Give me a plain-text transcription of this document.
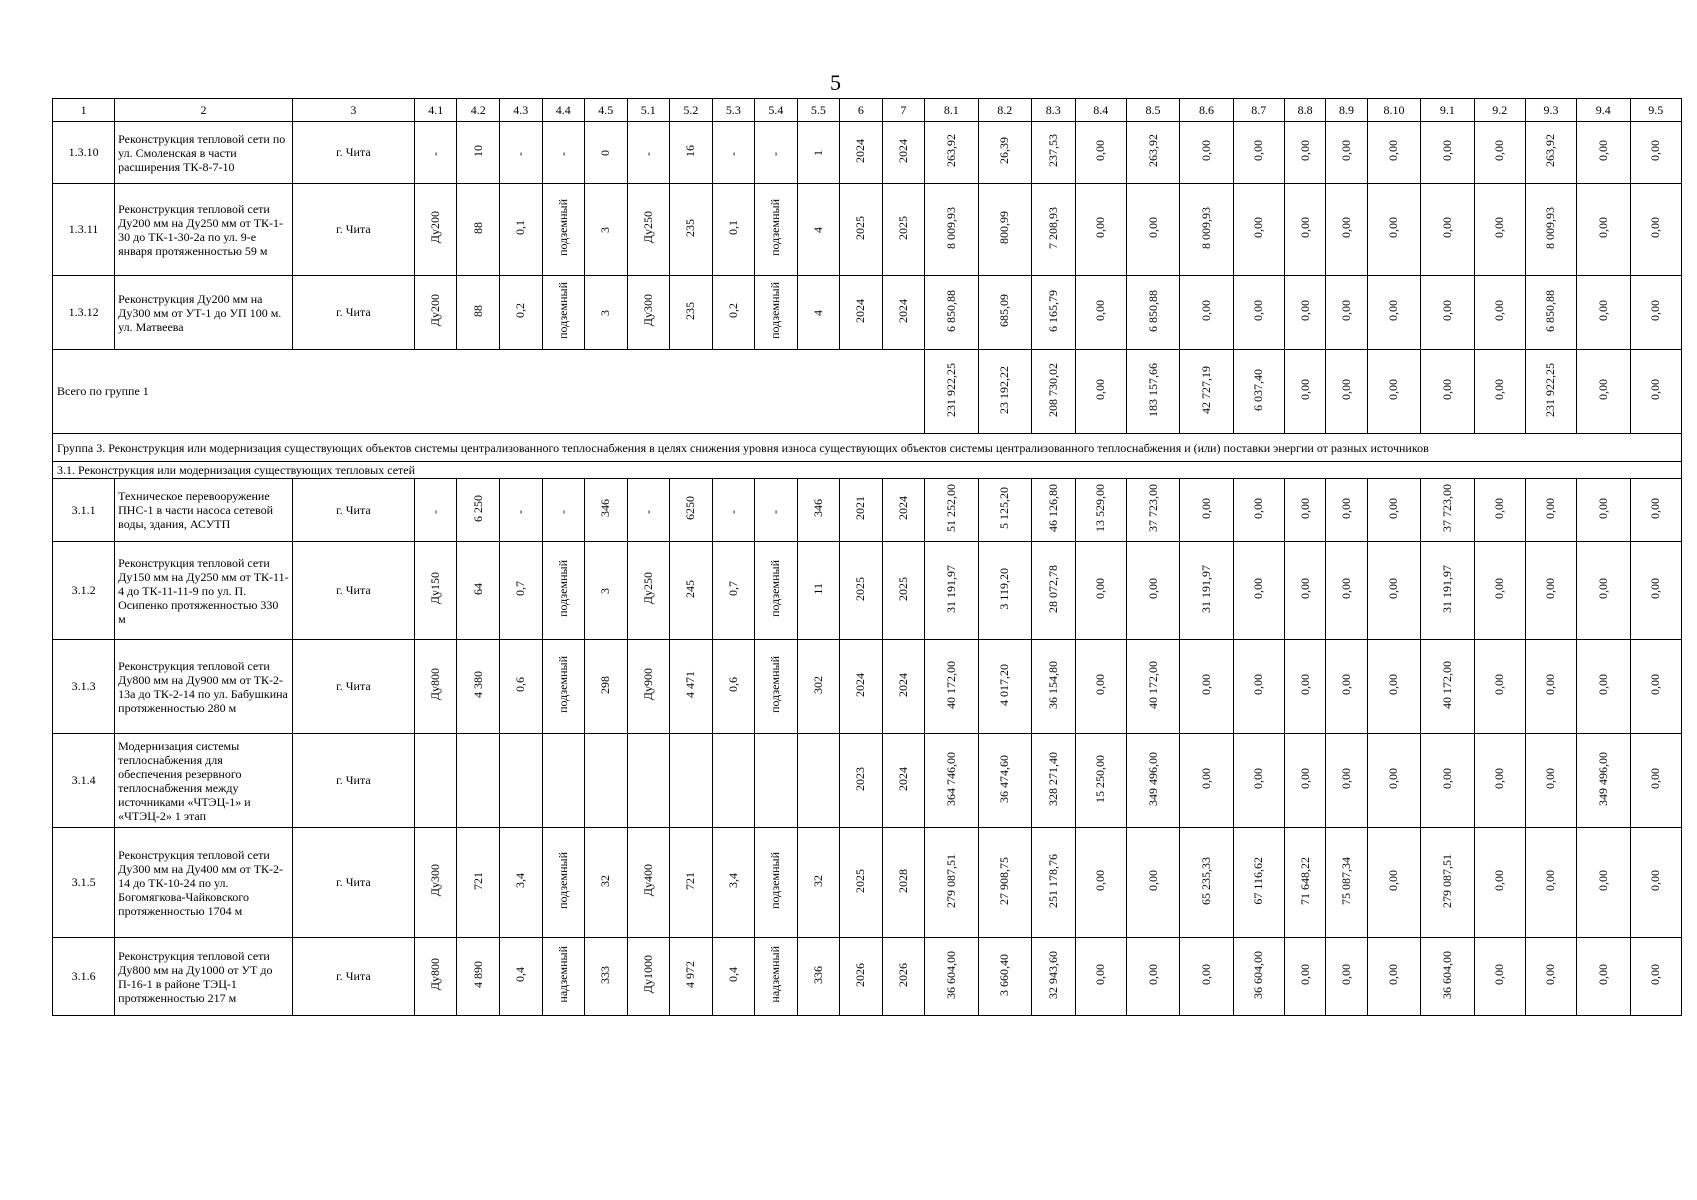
5
1	2	3	4.1	4.2	4.3	4.4	4.5	5.1	5.2	5.3	5.4	5.5	6	7	8.1	8.2	8.3	8.4	8.5	8.6	8.7	8.8	8.9	8.10	9.1	9.2	9.3	9.4	9.5
1.3.10	Реконструкция тепловой сети по ул. Смоленская в части расширения ТК-8-7-10	г. Чита	-	10	-	-	0	-	16	-	-	1	2024	2024	263,92	26,39	237,53	0,00	263,92	0,00	0,00	0,00	0,00	0,00	0,00	0,00	263,92	0,00	0,00
1.3.11	Реконструкция тепловой сети Ду200 мм на Ду250 мм от ТК-1-30 до ТК-1-30-2а по ул. 9-е января протяженностью 59 м	г. Чита	Ду200	88	0,1	подземный	3	Ду250	235	0,1	подземный	4	2025	2025	8 009,93	800,99	7 208,93	0,00	0,00	8 009,93	0,00	0,00	0,00	0,00	0,00	0,00	8 009,93	0,00	0,00
1.3.12	Реконструкция Ду200 мм на Ду300 мм от УТ-1 до УП 100 м. ул. Матвеева	г. Чита	Ду200	88	0,2	подземный	3	Ду300	235	0,2	подземный	4	2024	2024	6 850,88	685,09	6 165,79	0,00	6 850,88	0,00	0,00	0,00	0,00	0,00	0,00	0,00	6 850,88	0,00	0,00
Всего по группе 1															231 922,25	23 192,22	208 730,02	0,00	183 157,66	42 727,19	6 037,40	0,00	0,00	0,00	0,00	0,00	231 922,25	0,00	0,00
Группа 3. Реконструкция или модернизация существующих объектов системы централизованного теплоснабжения в целях снижения уровня износа существующих объектов системы централизованного теплоснабжения и (или) поставки энергии от разных источников																													
3.1. Реконструкция или модернизация существующих тепловых сетей																													
3.1.1	Техническое перевооружение ПНС-1 в части насоса сетевой воды, здания, АСУТП	г. Чита	-	6 250	-	-	346	-	6250	-	-	346	2021	2024	51 252,00	5 125,20	46 126,80	13 529,00	37 723,00	0,00	0,00	0,00	0,00	0,00	37 723,00	0,00	0,00	0,00	0,00
3.1.2	Реконструкция тепловой сети Ду150 мм на Ду250 мм от ТК-11-4 до ТК-11-11-9 по ул. П. Осипенко протяженностью 330 м	г. Чита	Ду150	64	0,7	подземный	3	Ду250	245	0,7	подземный	11	2025	2025	31 191,97	3 119,20	28 072,78	0,00	0,00	31 191,97	0,00	0,00	0,00	0,00	31 191,97	0,00	0,00	0,00	0,00
3.1.3	Реконструкция тепловой сети Ду800 мм на Ду900 мм от ТК-2-13а до ТК-2-14 по ул. Бабушкина протяженностью 280 м	г. Чита	Ду800	4 380	0,6	подземный	298	Ду900	4 471	0,6	подземный	302	2024	2024	40 172,00	4 017,20	36 154,80	0,00	40 172,00	0,00	0,00	0,00	0,00	0,00	40 172,00	0,00	0,00	0,00	0,00
3.1.4	Модернизация системы теплоснабжения для обеспечения резервного теплоснабжения между источниками «ЧТЭЦ-1» и «ЧТЭЦ-2» 1 этап	г. Чита											2023	2024	364 746,00	36 474,60	328 271,40	15 250,00	349 496,00	0,00	0,00	0,00	0,00	0,00	0,00	0,00	0,00	349 496,00	0,00
3.1.5	Реконструкция тепловой сети Ду300 мм на Ду400 мм от ТК-2-14 до ТК-10-24 по ул. Богомягкова-Чайковского протяженностью 1704 м	г. Чита	Ду300	721	3,4	подземный	32	Ду400	721	3,4	подземный	32	2025	2028	279 087,51	27 908,75	251 178,76	0,00	0,00	65 235,33	67 116,62	71 648,22	75 087,34	0,00	279 087,51	0,00	0,00	0,00	0,00
3.1.6	Реконструкция тепловой сети Ду800 мм на Ду1000 от УТ до П-16-1 в районе ТЭЦ-1 протяженностью 217 м	г. Чита	Ду800	4 890	0,4	надземный	333	Ду1000	4 972	0,4	надземный	336	2026	2026	36 604,00	3 660,40	32 943,60	0,00	0,00	0,00	36 604,00	0,00	0,00	0,00	36 604,00	0,00	0,00	0,00	0,00
